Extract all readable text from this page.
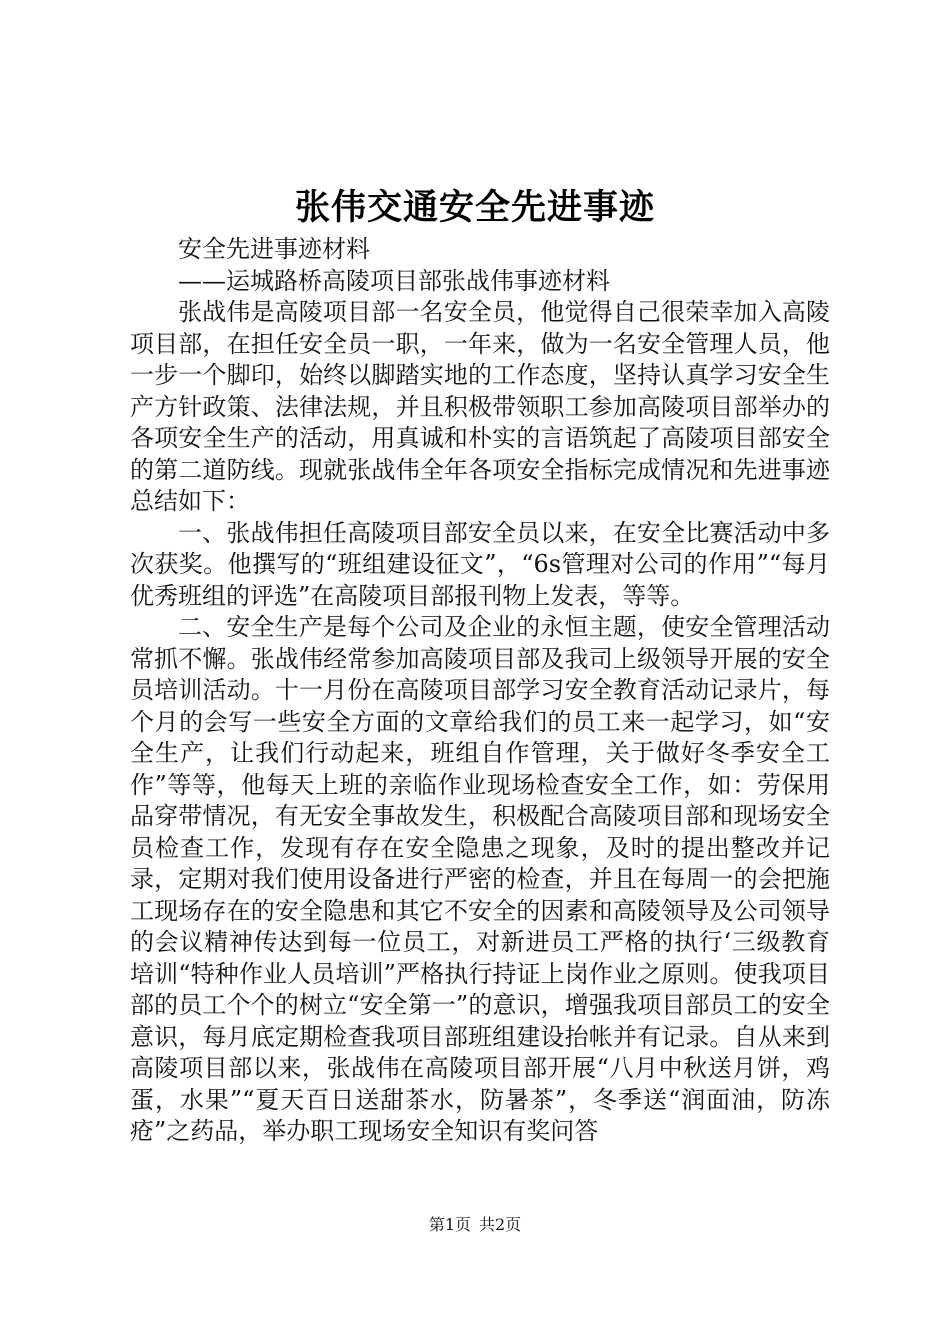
张伟交通安全先进事迹

安全先进事迹材料

——运城路桥高陵项目部张战伟事迹材料

张战伟是高陵项目部一名安全员，他觉得自己很荣幸加入高陵项目部，在担任安全员一职，一年来，做为一名安全管理人员，他一步一个脚印，始终以脚踏实地的工作态度，坚持认真学习安全生产方针政策、法律法规，并且积极带领职工参加高陵项目部举办的各项安全生产的活动，用真诚和朴实的言语筑起了高陵项目部安全的第二道防线。现就张战伟全年各项安全指标完成情况和先进事迹总结如下：

一、张战伟担任高陵项目部安全员以来，在安全比赛活动中多次获奖。他撰写的“班组建设征文”，“6s管理对公司的作用”“每月优秀班组的评选”在高陵项目部报刊物上发表，等等。

二、安全生产是每个公司及企业的永恒主题，使安全管理活动常抓不懈。张战伟经常参加高陵项目部及我司上级领导开展的安全员培训活动。十一月份在高陵项目部学习安全教育活动记录片，每个月的会写一些安全方面的文章给我们的员工来一起学习，如“安全生产，让我们行动起来，班组自作管理，关于做好冬季安全工作”等等，他每天上班的亲临作业现场检查安全工作，如：劳保用品穿带情况，有无安全事故发生，积极配合高陵项目部和现场安全员检查工作，发现有存在安全隐患之现象，及时的提出整改并记录，定期对我们使用设备进行严密的检查，并且在每周一的会把施工现场存在的安全隐患和其它不安全的因素和高陵领导及公司领导的会议精神传达到每一位员工，对新进员工严格的执行‘三级教育培训“特种作业人员培训”严格执行持证上岗作业之原则。使我项目部的员工个个的树立“安全第一”的意识，增强我项目部员工的安全意识，每月底定期检查我项目部班组建设抬帐并有记录。自从来到高陵项目部以来，张战伟在高陵项目部开展“八月中秋送月饼，鸡蛋，水果”“夏天百日送甜茶水，防暑茶”，冬季送“润面油，防冻疮”之药品，举办职工现场安全知识有奖问答

第1页 共2页
